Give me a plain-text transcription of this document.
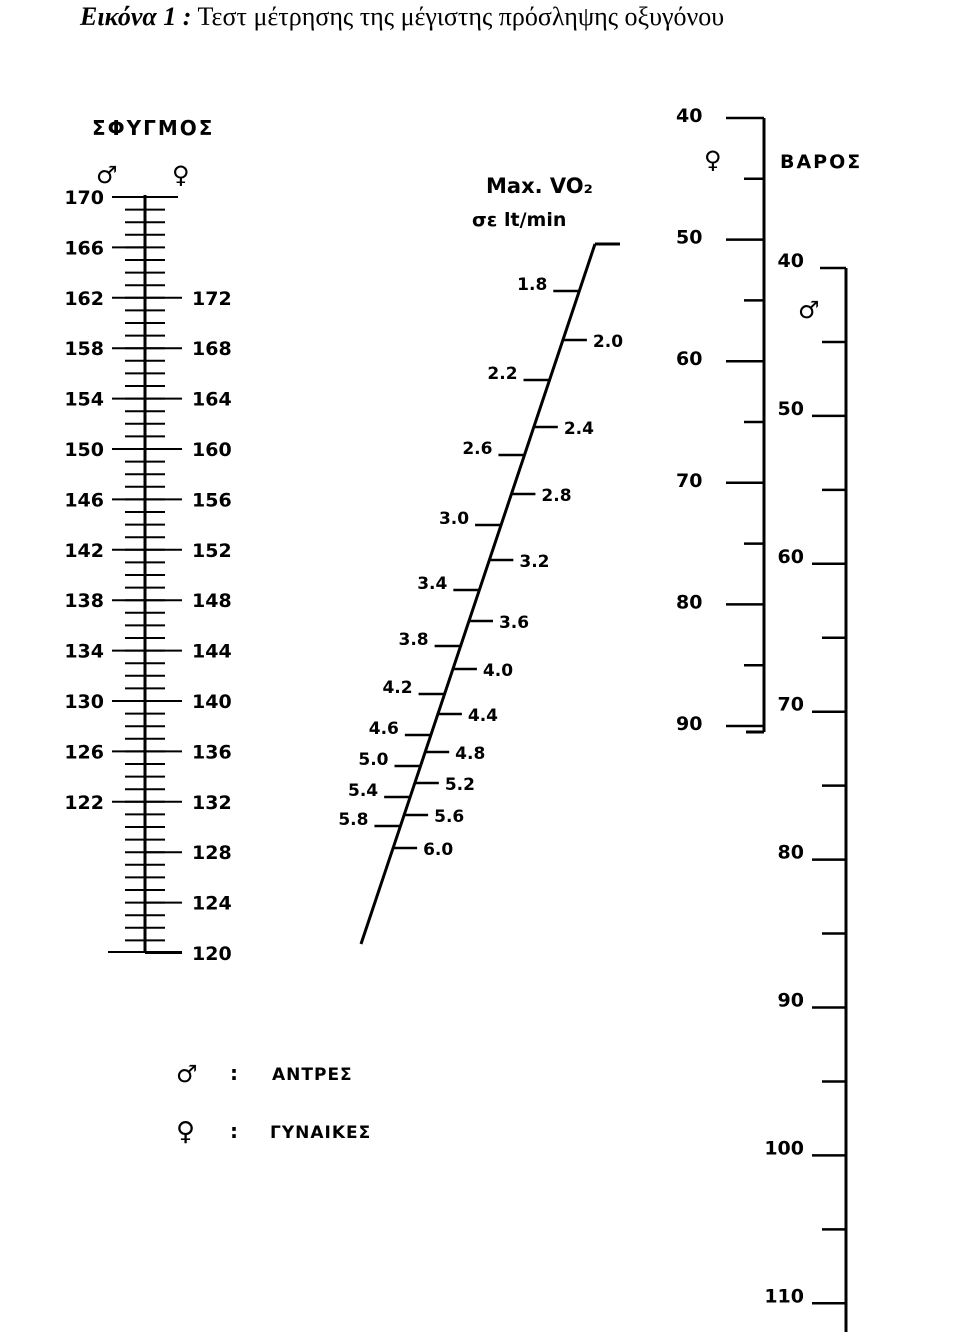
Εικόνα 1 : Τεστ μέτρησης της μέγιστης πρόσληψης οξυγόνου
ΣΦΥΓΜΟΣ
♂ ♀
170
166
162
158
154
150
146
142
138
134
130
126
122
172
168
164
160
156
152
148
144
140
136
132
128
124
120
Max. VO₂
σε lt/min
1.8
2.2
2.6
3.0
3.4
3.8
4.2
4.6
5.0
5.4
5.8
2.0
2.4
2.8
3.2
3.6
4.0
4.4
4.8
5.2
5.6
6.0
ΒΑΡΟΣ
♀
40
50
60
70
80
90
♂
40
50
60
70
80
90
100
110
♂ : ΑΝΤΡΕΣ
♀ : ΓΥΝΑΙΚΕΣ
